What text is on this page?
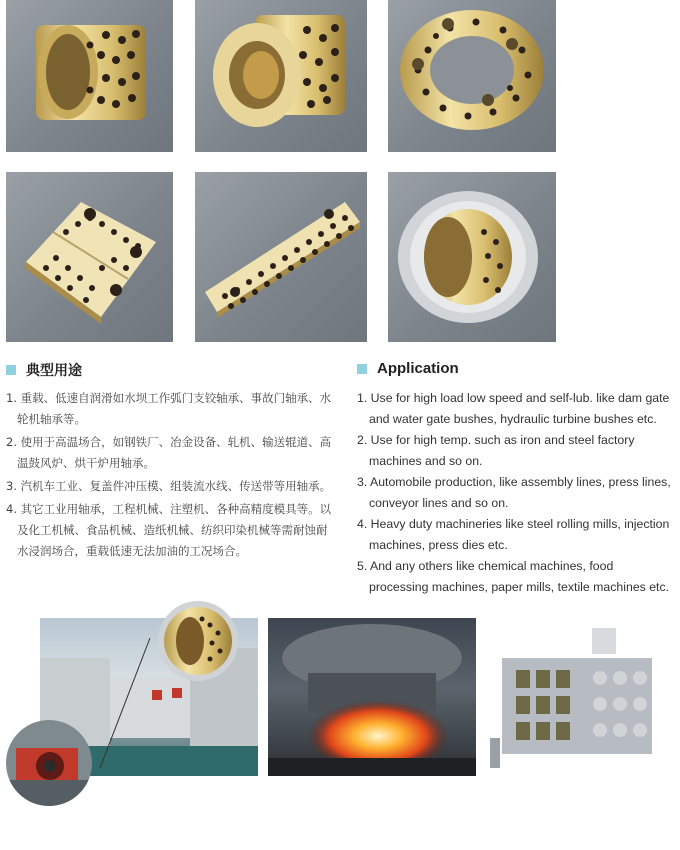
典型用途
1. 重载、低速自润滑如水坝工作弧门支铰轴承、事故门轴承、水轮机轴承等。
2. 使用于高温场合，如钢铁厂、冶金设备、轧机、输送辊道、高温鼓风炉、烘干炉用轴承。
3. 汽机车工业、复盖件冲压模、组装流水线、传送带等用轴承。
4. 其它工业用轴承，工程机械、注塑机、各种高精度模具等。以及化工机械、食品机械、造纸机械、纺织印染机械等需耐蚀耐水浸润场合，重载低速无法加油的工况场合。
Application
1. Use for high load low speed and self-lub. like dam gate and water gate bushes, hydraulic turbine bushes etc.
2. Use for high temp. such as iron and steel factory machines and so on.
3. Automobile production, like assembly lines, press lines, conveyor lines and so on.
4. Heavy duty machineries like steel rolling mills, injection machines, press dies etc.
5. And any others like chemical machines, food processing machines, paper mills, textile machines etc.
